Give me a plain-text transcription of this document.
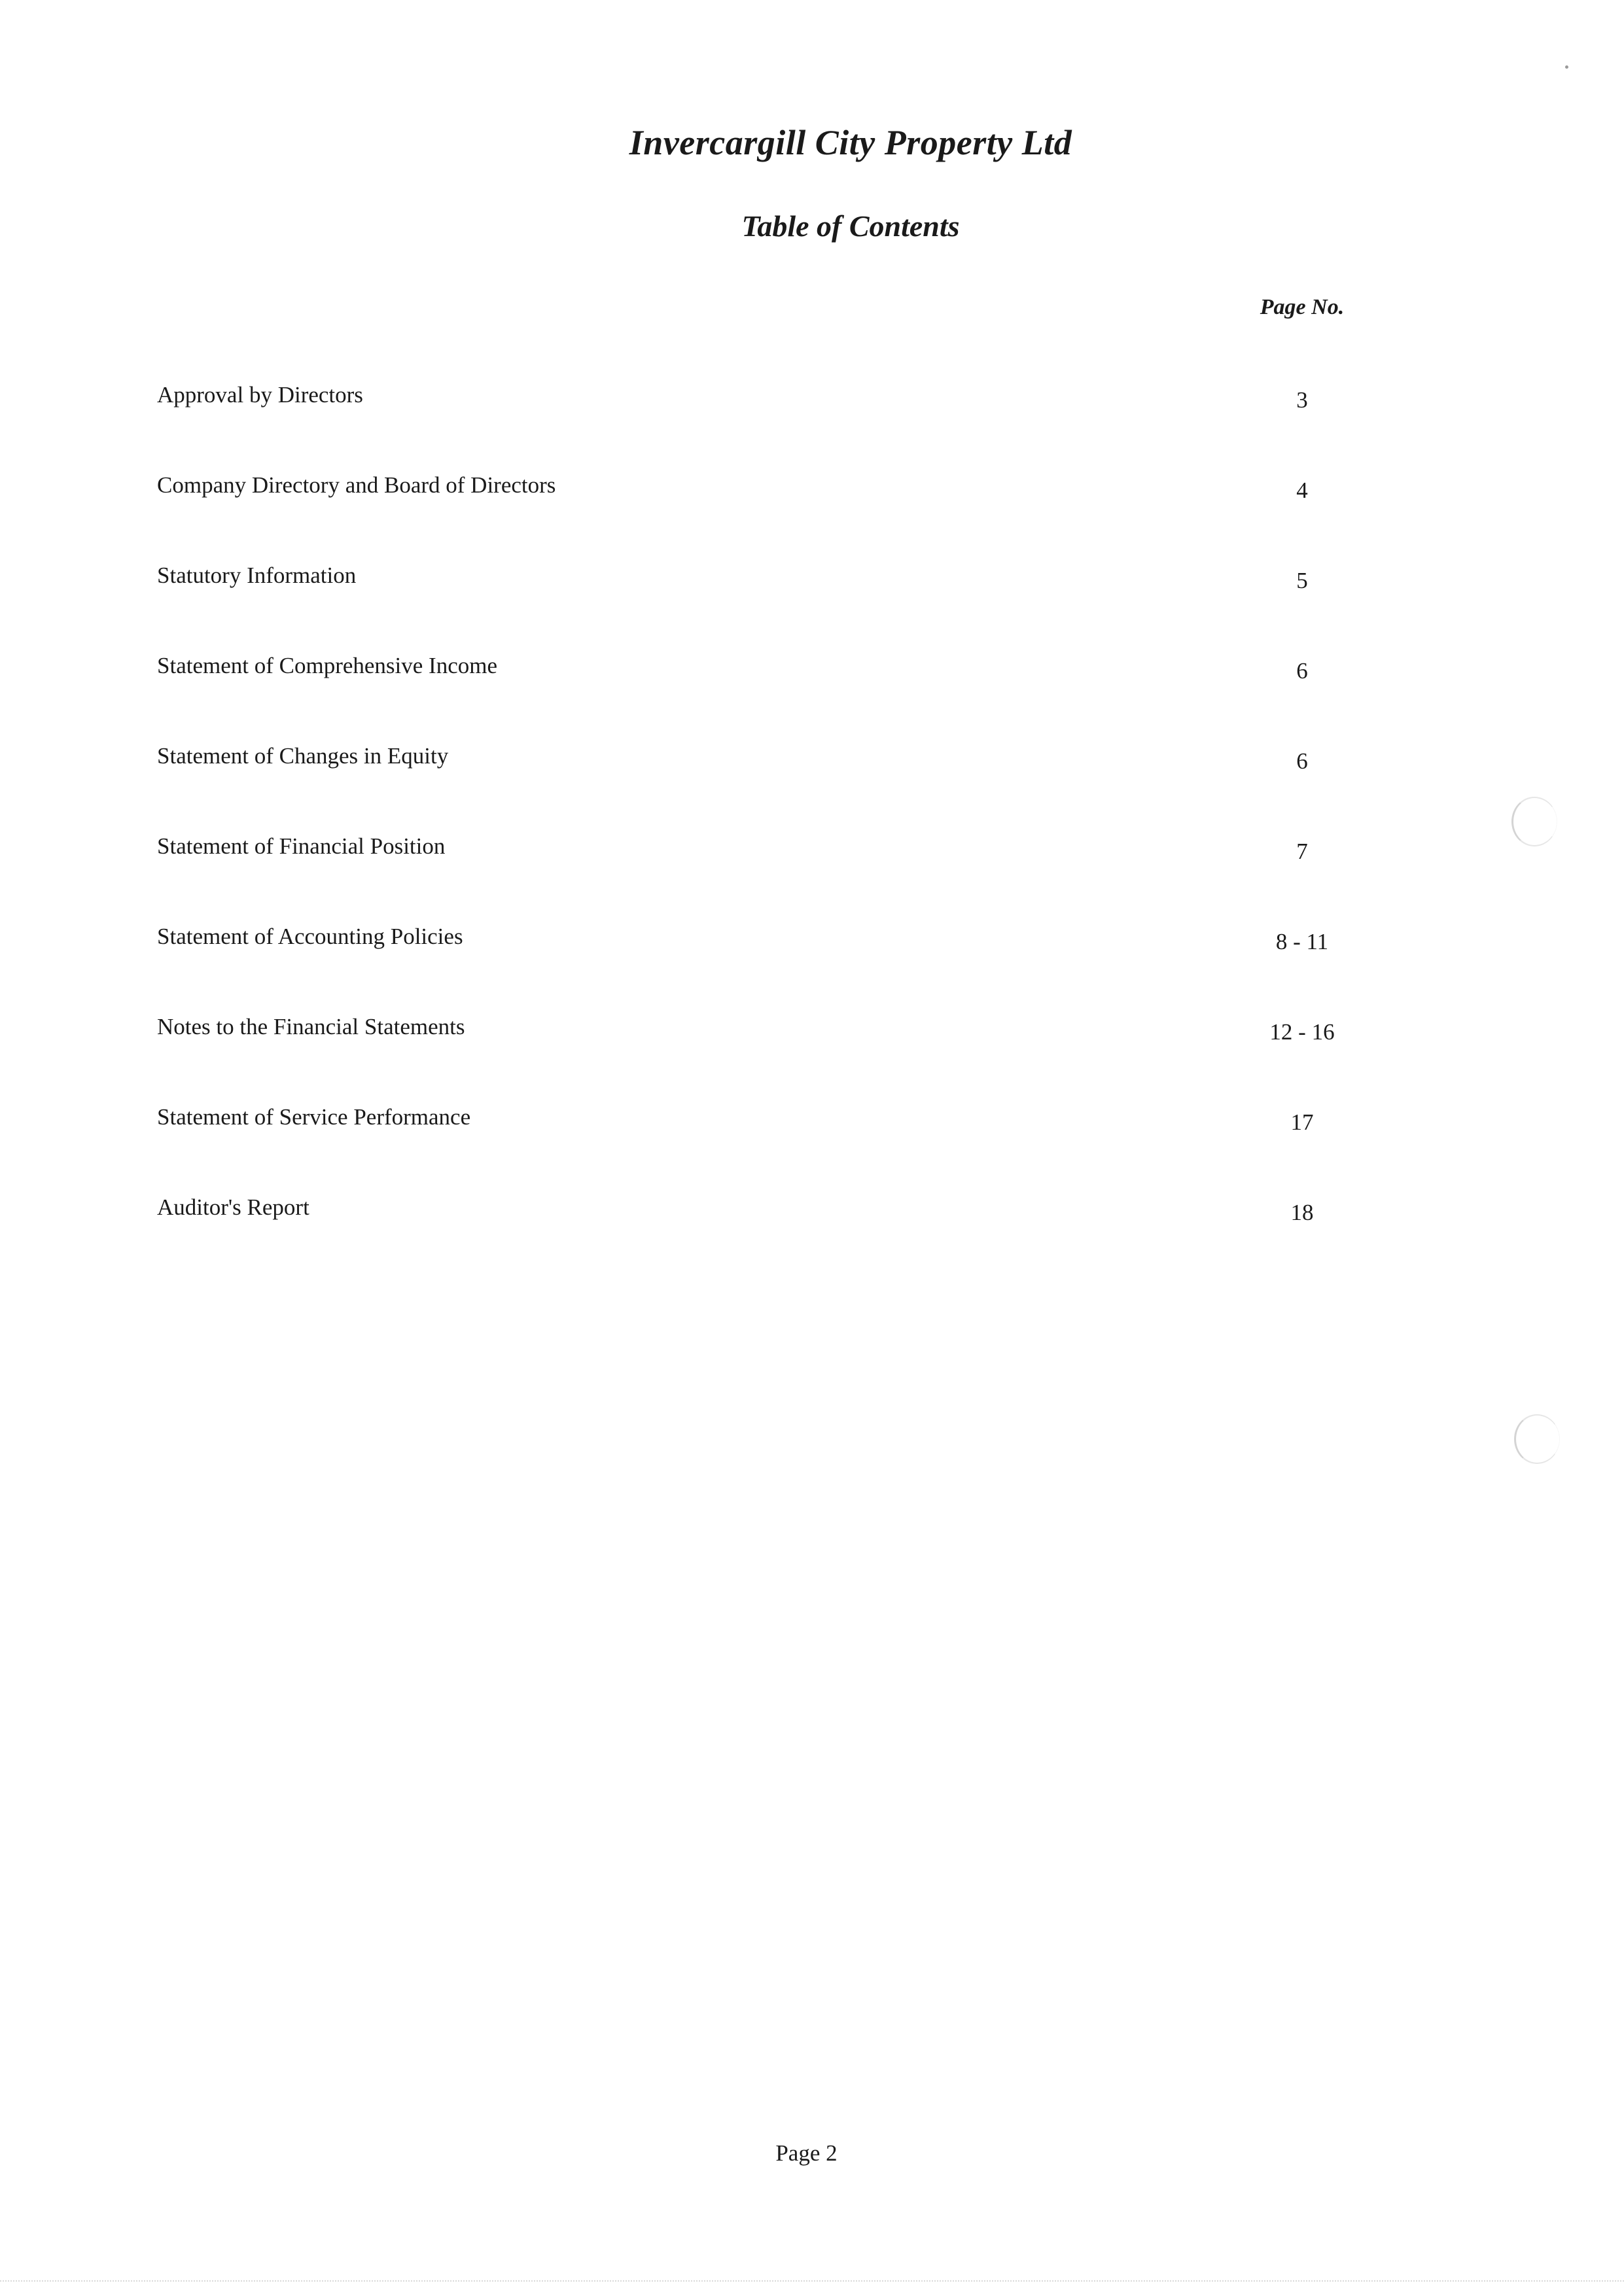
Invercargill City Property Ltd
Table of Contents
Page No.
Approval by Directors	3
Company Directory and Board of Directors	4
Statutory Information	5
Statement of Comprehensive Income	6
Statement of Changes in Equity	6
Statement of Financial Position	7
Statement of Accounting Policies	8 - 11
Notes to the Financial Statements	12 - 16
Statement of Service Performance	17
Auditor's Report	18
Page 2
